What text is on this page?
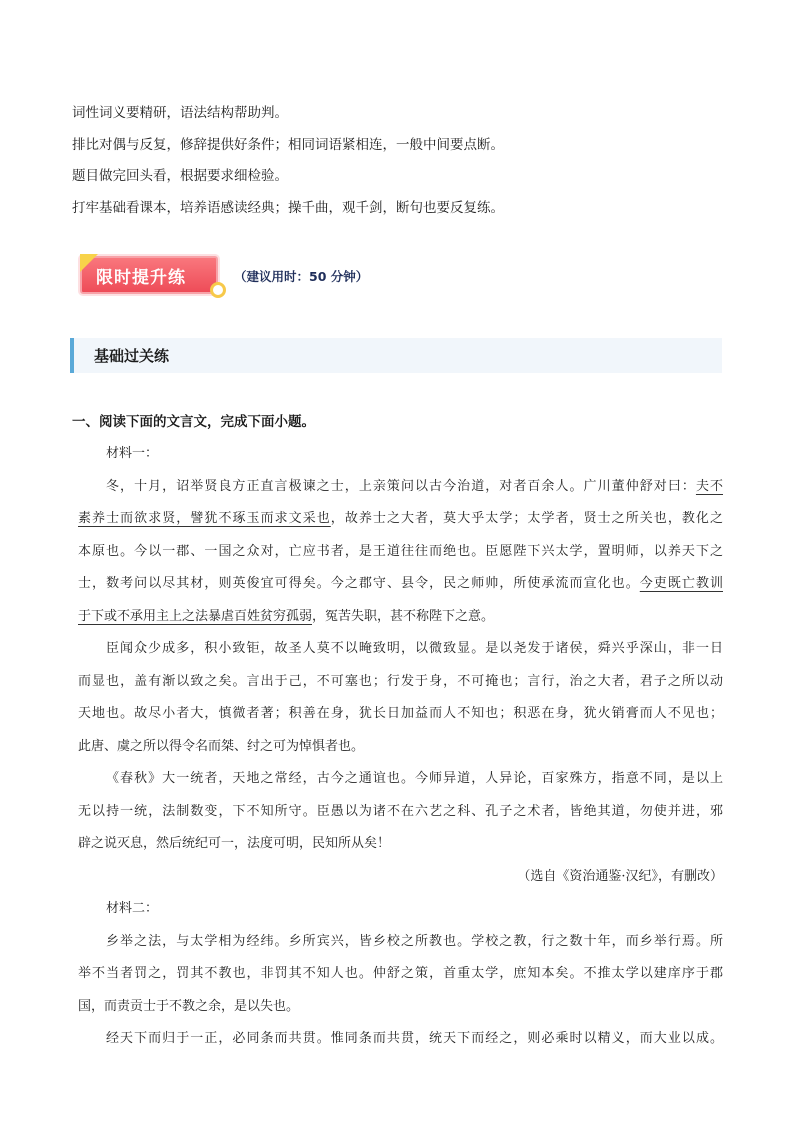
词性词义要精研，语法结构帮助判。
排比对偶与反复，修辞提供好条件；相同词语紧相连，一般中间要点断。
题目做完回头看，根据要求细检验。
打牢基础看课本，培养语感读经典；操千曲，观千剑，断句也要反复练。
限时提升练	（建议用时：50 分钟）
基础过关练
一、阅读下面的文言文，完成下面小题。
材料一：
冬，十月，诏举贤良方正直言极谏之士，上亲策问以古今治道，对者百余人。广川董仲舒对曰：夫不
素养士而欲求贤，譬犹不琢玉而求文采也，故养士之大者，莫大乎太学；太学者，贤士之所关也，教化之
本原也。今以一郡、一国之众对，亡应书者，是王道往往而绝也。臣愿陛下兴太学，置明师，以养天下之
士，数考问以尽其材，则英俊宜可得矣。今之郡守、县令，民之师帅，所使承流而宣化也。今吏既亡教训
于下或不承用主上之法暴虐百姓贫穷孤弱，冤苦失职，甚不称陛下之意。
臣闻众少成多，积小致钜，故圣人莫不以晻致明，以微致显。是以尧发于诸侯，舜兴乎深山，非一日
而显也，盖有渐以致之矣。言出于己，不可塞也；行发于身，不可掩也；言行，治之大者，君子之所以动
天地也。故尽小者大，慎微者著；积善在身，犹长日加益而人不知也；积恶在身，犹火销膏而人不见也；
此唐、虞之所以得令名而桀、纣之可为悼惧者也。
《春秋》大一统者，天地之常经，古今之通谊也。今师异道，人异论，百家殊方，指意不同，是以上
无以持一统，法制数变，下不知所守。臣愚以为诸不在六艺之科、孔子之术者，皆绝其道，勿使并进，邪
辟之说灭息，然后统纪可一，法度可明，民知所从矣！
（选自《资治通鉴·汉纪》，有删改）
材料二：
乡举之法，与太学相为经纬。乡所宾兴，皆乡校之所教也。学校之教，行之数十年，而乡举行焉。所
举不当者罚之，罚其不教也，非罚其不知人也。仲舒之策，首重太学，庶知本矣。不推太学以建庠序于郡
国，而责贡士于不教之余，是以失也。
经天下而归于一正，必同条而共贯。惟同条而共贯，统天下而经之，则必乘时以精义，而大业以成。
